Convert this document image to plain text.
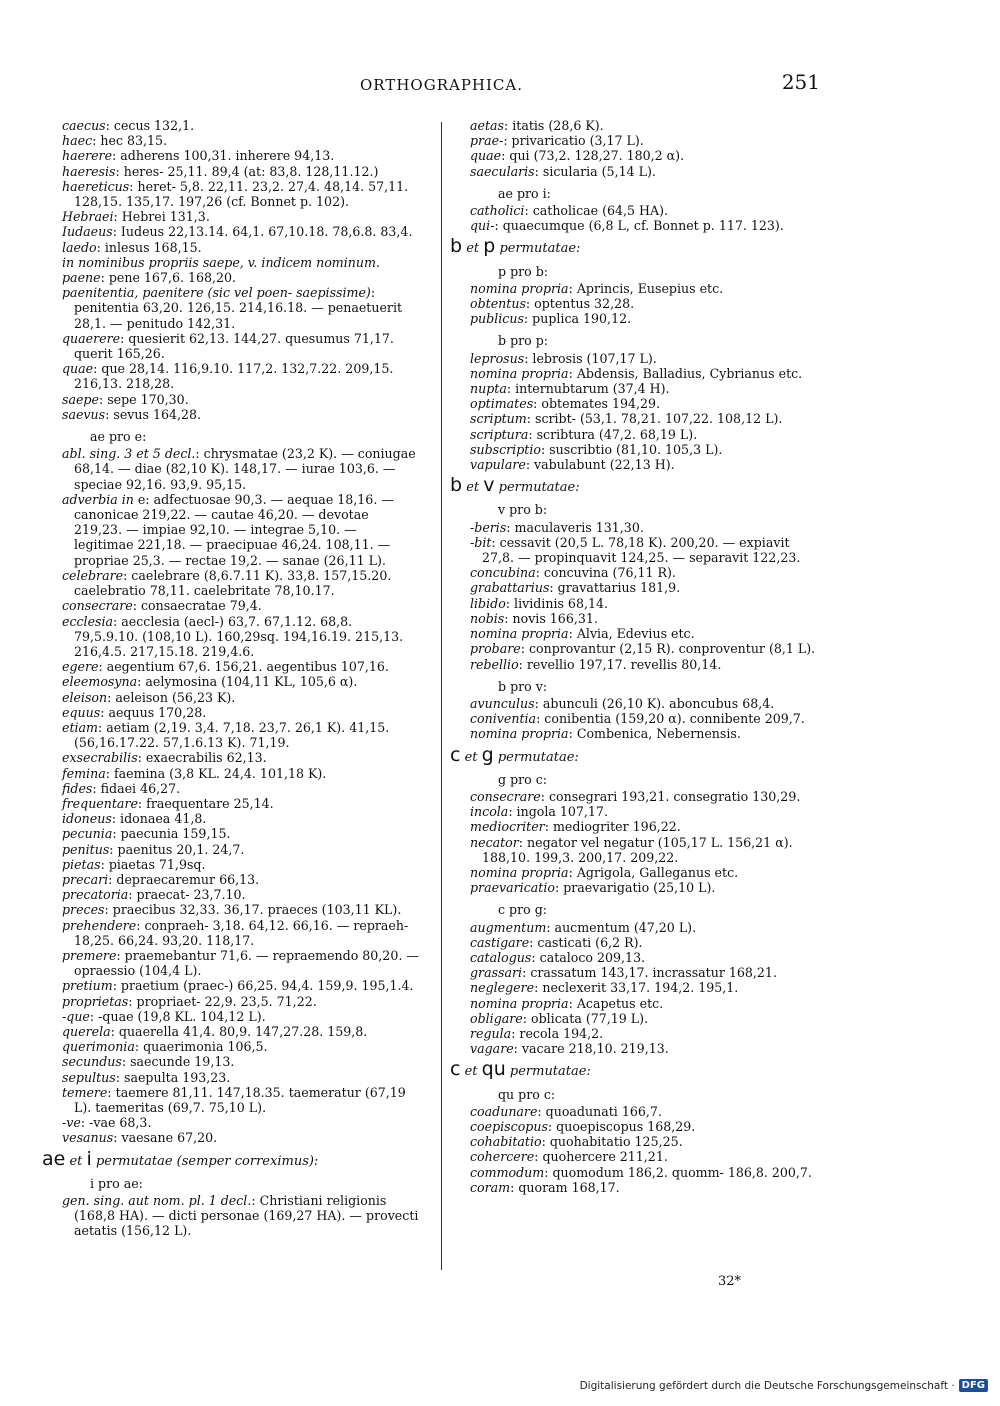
ORTHOGRAPHICA.	251

caecus: cecus 132,1.

haec: hec 83,15.

haerere: adherens 100,31. inherere 94,13.

haeresis: heres- 25,11. 89,4 (at: 83,8. 128,11.12.)

haereticus: heret- 5,8. 22,11. 23,2. 27,4. 48,14. 57,11. 128,15. 135,17. 197,26 (cf. Bonnet p. 102).

Hebraei: Hebrei 131,3.

Iudaeus: Iudeus 22,13.14. 64,1. 67,10.18. 78,6.8. 83,4.

laedo: inlesus 168,15.

in nominibus propriis saepe, v. indicem nominum.

paene: pene 167,6. 168,20.

paenitentia, paenitere (sic vel poen- saepissime): penitentia 63,20. 126,15. 214,16.18. — penaetuerit 28,1. — penitudo 142,31.

quaerere: quesierit 62,13. 144,27. quesumus 71,17. querit 165,26.

quae: que 28,14. 116,9.10. 117,2. 132,7.22. 209,15. 216,13. 218,28.

saepe: sepe 170,30.

saevus: sevus 164,28.

ae pro e:

abl. sing. 3 et 5 decl.: chrysmatae (23,2 K). — coniugae 68,14. — diae (82,10 K). 148,17. — iurae 103,6. — speciae 92,16. 93,9. 95,15.

adverbia in e: adfectuosae 90,3. — aequae 18,16. — canonicae 219,22. — cautae 46,20. — devotae 219,23. — impiae 92,10. — integrae 5,10. — legitimae 221,18. — praecipuae 46,24. 108,11. — propriae 25,3. — rectae 19,2. — sanae (26,11 L).

celebrare: caelebrare (8,6.7.11 K). 33,8. 157,15.20. caelebratio 78,11. caelebritate 78,10.17.

consecrare: consaecratae 79,4.

ecclesia: aecclesia (aecl-) 63,7. 67,1.12. 68,8. 79,5.9.10. (108,10 L). 160,29sq. 194,16.19. 215,13. 216,4.5. 217,15.18. 219,4.6.

egere: aegentium 67,6. 156,21. aegentibus 107,16.

eleemosyna: aelymosina (104,11 KL, 105,6 α).

eleison: aeleison (56,23 K).

equus: aequus 170,28.

etiam: aetiam (2,19. 3,4. 7,18. 23,7. 26,1 K). 41,15. (56,16.17.22. 57,1.6.13 K). 71,19.

exsecrabilis: exaecrabilis 62,13.

femina: faemina (3,8 KL. 24,4. 101,18 K).

fides: fidaei 46,27.

frequentare: fraequentare 25,14.

idoneus: idonaea 41,8.

pecunia: paecunia 159,15.

penitus: paenitus 20,1. 24,7.

pietas: piaetas 71,9sq.

precari: depraecaremur 66,13.

precatoria: praecat- 23,7.10.

preces: praecibus 32,33. 36,17. praeces (103,11 KL).

prehendere: conpraeh- 3,18. 64,12. 66,16. — repraeh- 18,25. 66,24. 93,20. 118,17.

premere: praemebantur 71,6. — repraemendo 80,20. — opraessio (104,4 L).

pretium: praetium (praec-) 66,25. 94,4. 159,9. 195,1.4.

proprietas: propriaet- 22,9. 23,5. 71,22.

-que: -quae (19,8 KL. 104,12 L).

querela: quaerella 41,4. 80,9. 147,27.28. 159,8.

querimonia: quaerimonia 106,5.

secundus: saecunde 19,13.

sepultus: saepulta 193,23.

temere: taemere 81,11. 147,18.35. taemeratur (67,19 L). taemeritas (69,7. 75,10 L).

-ve: -vae 68,3.

vesanus: vaesane 67,20.

ae et i permutatae (semper correximus):

i pro ae:

gen. sing. aut nom. pl. 1 decl.: Christiani religionis (168,8 HA). — dicti personae (169,27 HA). — provecti aetatis (156,12 L).

aetas: itatis (28,6 K).

prae-: privaricatio (3,17 L).

quae: qui (73,2. 128,27. 180,2 α).

saecularis: sicularia (5,14 L).

ae pro i:

catholici: catholicae (64,5 HA).

qui-: quaecumque (6,8 L, cf. Bonnet p. 117. 123).

b et p permutatae:

p pro b:

nomina propria: Aprincis, Eusepius etc.

obtentus: optentus 32,28.

publicus: puplica 190,12.

b pro p:

leprosus: lebrosis (107,17 L).

nomina propria: Abdensis, Balladius, Cybrianus etc.

nupta: internubtarum (37,4 H).

optimates: obtemates 194,29.

scriptum: scribt- (53,1. 78,21. 107,22. 108,12 L).

scriptura: scribtura (47,2. 68,19 L).

subscriptio: suscribtio (81,10. 105,3 L).

vapulare: vabulabunt (22,13 H).

b et v permutatae:

v pro b:

-beris: maculaveris 131,30.

-bit: cessavit (20,5 L. 78,18 K). 200,20. — expiavit 27,8. — propinquavit 124,25. — separavit 122,23.

concubina: concuvina (76,11 R).

grabattarius: gravattarius 181,9.

libido: lividinis 68,14.

nobis: novis 166,31.

nomina propria: Alvia, Edevius etc.

probare: conprovantur (2,15 R). conproventur (8,1 L).

rebellio: revellio 197,17. revellis 80,14.

b pro v:

avunculus: abunculi (26,10 K). aboncubus 68,4.

coniventia: conibentia (159,20 α). connibente 209,7.

nomina propria: Combenica, Nebernensis.

c et g permutatae:

g pro c:

consecrare: consegrari 193,21. consegratio 130,29.

incola: ingola 107,17.

mediocriter: mediogriter 196,22.

necator: negator vel negatur (105,17 L. 156,21 α). 188,10. 199,3. 200,17. 209,22.

nomina propria: Agrigola, Galleganus etc.

praevaricatio: praevarigatio (25,10 L).

c pro g:

augmentum: aucmentum (47,20 L).

castigare: casticati (6,2 R).

catalogus: cataloco 209,13.

grassari: crassatum 143,17. incrassatur 168,21.

neglegere: neclexerit 33,17. 194,2. 195,1.

nomina propria: Acapetus etc.

obligare: oblicata (77,19 L).

regula: recola 194,2.

vagare: vacare 218,10. 219,13.

c et qu permutatae:

qu pro c:

coadunare: quoadunati 166,7.

coepiscopus: quoepiscopus 168,29.

cohabitatio: quohabitatio 125,25.

cohercere: quohercere 211,21.

commodum: quomodum 186,2. quomm- 186,8. 200,7.

coram: quoram 168,17.

32*
Digitalisierung gefördert durch die Deutsche Forschungsgemeinschaft · DFG
